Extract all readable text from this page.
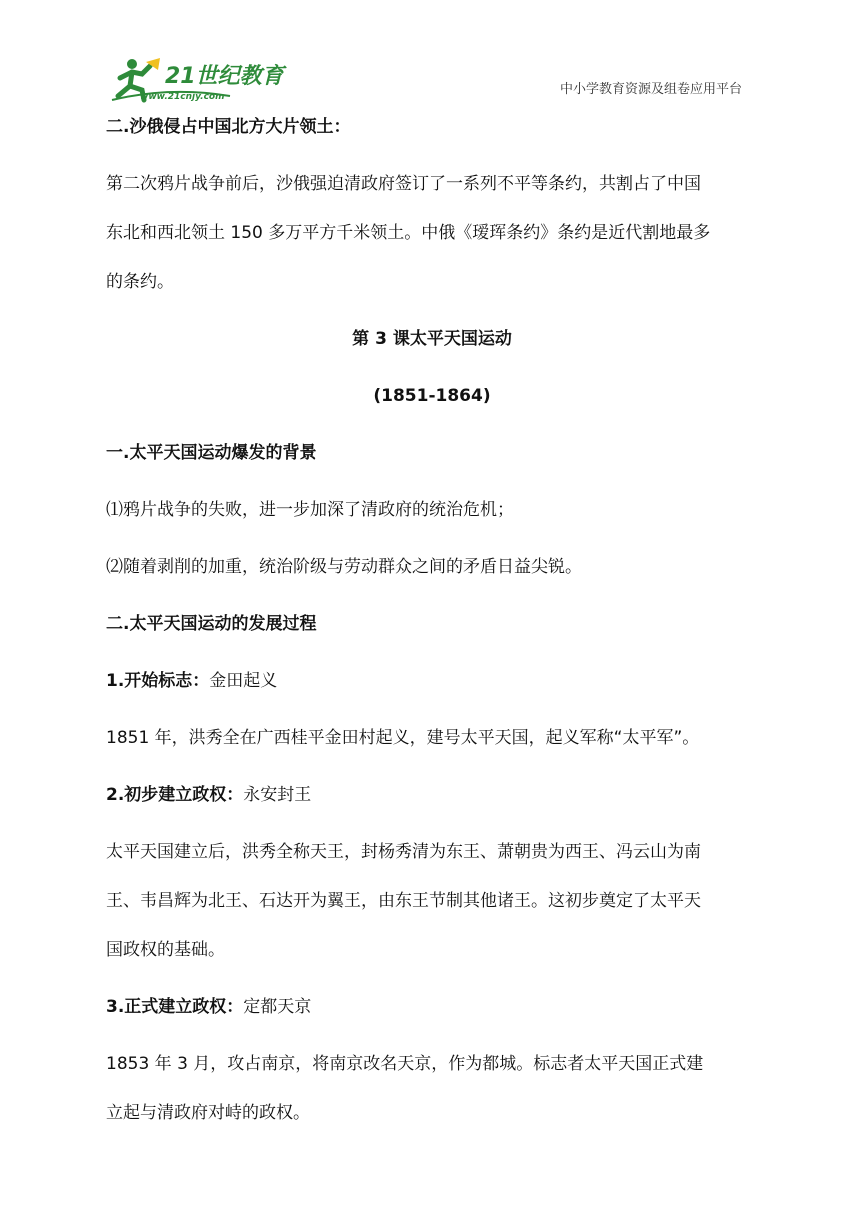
21世纪教育
www.21cnjy.com	中小学教育资源及组卷应用平台

二.沙俄侵占中国北方大片领土：

第二次鸦片战争前后，沙俄强迫清政府签订了一系列不平等条约，共割占了中国

东北和西北领土 150 多万平方千米领土。中俄《瑷珲条约》条约是近代割地最多

的条约。

第 3 课太平天国运动

(1851-1864)

一.太平天国运动爆发的背景

⑴鸦片战争的失败，进一步加深了清政府的统治危机；

⑵随着剥削的加重，统治阶级与劳动群众之间的矛盾日益尖锐。

二.太平天国运动的发展过程

1.开始标志：金田起义

1851 年，洪秀全在广西桂平金田村起义，建号太平天国，起义军称“太平军”。

2.初步建立政权：永安封王

太平天国建立后，洪秀全称天王，封杨秀清为东王、萧朝贵为西王、冯云山为南

王、韦昌辉为北王、石达开为翼王，由东王节制其他诸王。这初步奠定了太平天

国政权的基础。

3.正式建立政权：定都天京

1853 年 3 月，攻占南京，将南京改名天京，作为都城。标志者太平天国正式建

立起与清政府对峙的政权。
